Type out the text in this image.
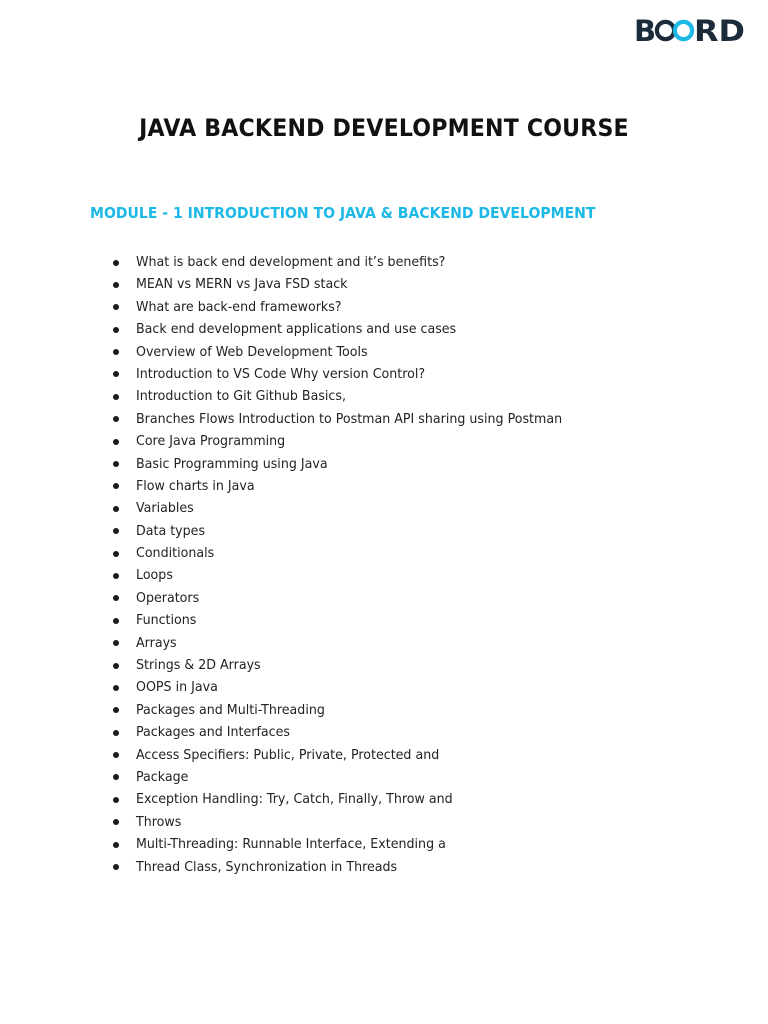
B RD
JAVA BACKEND DEVELOPMENT COURSE
MODULE - 1 INTRODUCTION TO JAVA & BACKEND DEVELOPMENT
What is back end development and it’s benefits?
MEAN vs MERN vs Java FSD stack
What are back-end frameworks?
Back end development applications and use cases
Overview of Web Development Tools
Introduction to VS Code Why version Control?
Introduction to Git Github Basics,
Branches Flows Introduction to Postman API sharing using Postman
Core Java Programming
Basic Programming using Java
Flow charts in Java
Variables
Data types
Conditionals
Loops
Operators
Functions
Arrays
Strings & 2D Arrays
OOPS in Java
Packages and Multi-Threading
Packages and Interfaces
Access Specifiers: Public, Private, Protected and
Package
Exception Handling: Try, Catch, Finally, Throw and
Throws
Multi-Threading: Runnable Interface, Extending a
Thread Class, Synchronization in Threads
